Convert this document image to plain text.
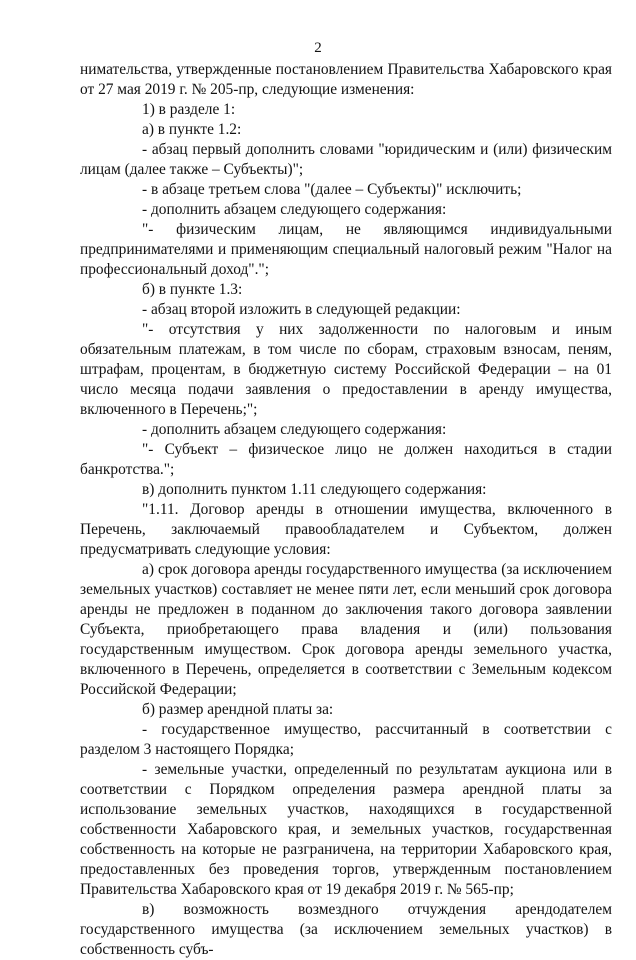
2

нимательства, утвержденные постановлением Правительства Хабаровского края от 27 мая 2019 г. № 205-пр, следующие изменения:

1) в разделе 1:

а) в пункте 1.2:

- абзац первый дополнить словами "юридическим и (или) физическим лицам (далее также – Субъекты)";

- в абзаце третьем слова "(далее – Субъекты)" исключить;

- дополнить абзацем следующего содержания:

"- физическим лицам, не являющимся индивидуальными предпринимателями и применяющим специальный налоговый режим "Налог на профессиональный доход".";

б) в пункте 1.3:

- абзац второй изложить в следующей редакции:

"- отсутствия у них задолженности по налоговым и иным обязательным платежам, в том числе по сборам, страховым взносам, пеням, штрафам, процентам, в бюджетную систему Российской Федерации – на 01 число месяца подачи заявления о предоставлении в аренду имущества, включенного в Перечень;";

- дополнить абзацем следующего содержания:

"- Субъект – физическое лицо не должен находиться в стадии банкротства.";

в) дополнить пунктом 1.11 следующего содержания:

"1.11. Договор аренды в отношении имущества, включенного в Перечень, заключаемый правообладателем и Субъектом, должен предусматривать следующие условия:

а) срок договора аренды государственного имущества (за исключением земельных участков) составляет не менее пяти лет, если меньший срок договора аренды не предложен в поданном до заключения такого договора заявлении Субъекта, приобретающего права владения и (или) пользования государственным имуществом. Срок договора аренды земельного участка, включенного в Перечень, определяется в соответствии с Земельным кодексом Российской Федерации;

б) размер арендной платы за:

- государственное имущество, рассчитанный в соответствии с разделом 3 настоящего Порядка;

- земельные участки, определенный по результатам аукциона или в соответствии с Порядком определения размера арендной платы за использование земельных участков, находящихся в государственной собственности Хабаровского края, и земельных участков, государственная собственность на которые не разграничена, на территории Хабаровского края, предоставленных без проведения торгов, утвержденным постановлением Правительства Хабаровского края от 19 декабря 2019 г. № 565-пр;

в) возможность возмездного отчуждения арендодателем государственного имущества (за исключением земельных участков) в собственность субъ-
